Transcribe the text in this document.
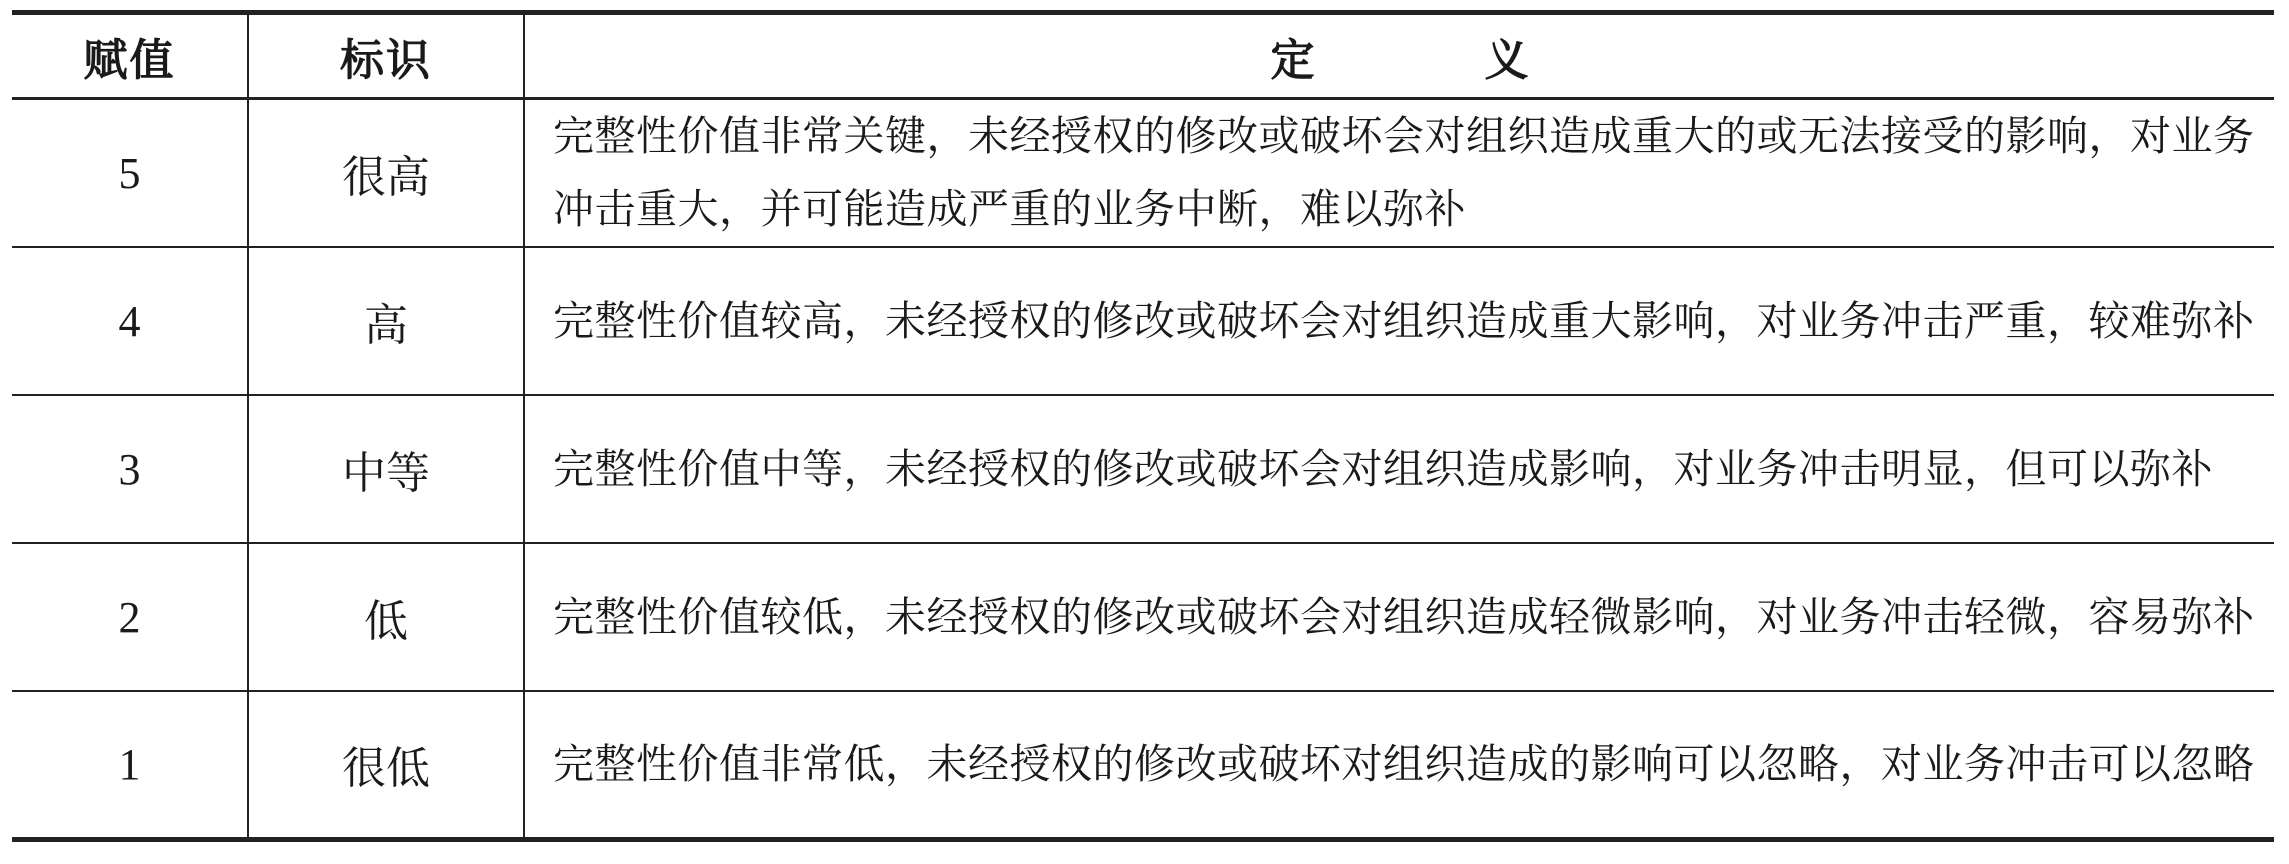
赋值	标识	定义
5	很高	完整性价值非常关键，未经授权的修改或破坏会对组织造成重大的或无法接受的影响，对业务冲击重大，并可能造成严重的业务中断，难以弥补
4	高	完整性价值较高，未经授权的修改或破坏会对组织造成重大影响，对业务冲击严重，较难弥补
3	中等	完整性价值中等，未经授权的修改或破坏会对组织造成影响，对业务冲击明显，但可以弥补
2	低	完整性价值较低，未经授权的修改或破坏会对组织造成轻微影响，对业务冲击轻微，容易弥补
1	很低	完整性价值非常低，未经授权的修改或破坏对组织造成的影响可以忽略，对业务冲击可以忽略
